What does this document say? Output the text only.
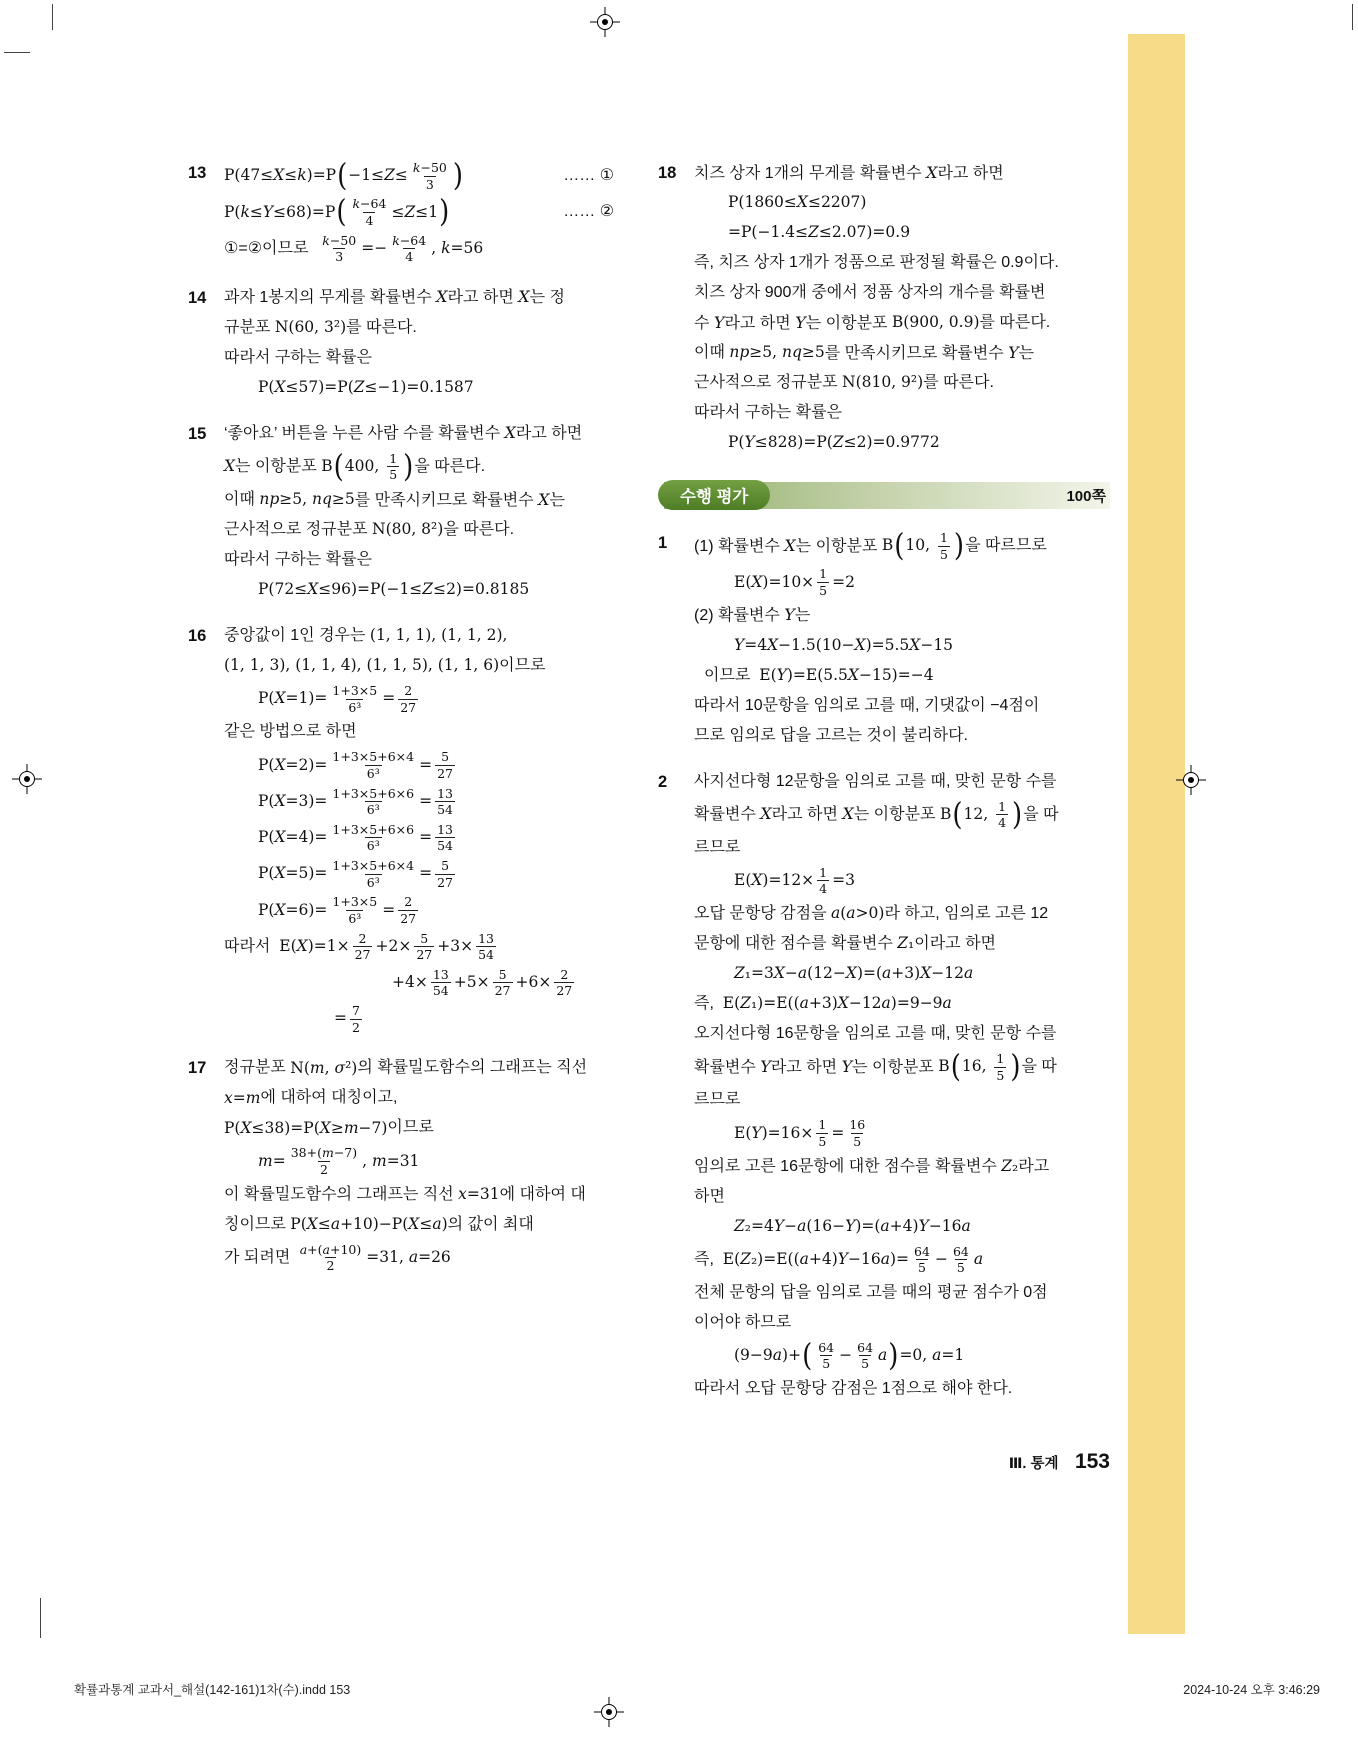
13	P(47≤X≤k)=P ( $-1\le Z\le \frac{k-50}{3}$ )	…… ①
P(k≤Y≤68)=P ( $\frac{k-64}{4} \le Z\le 1$ )	…… ②
①=②이므로 $\frac{k-50}{3} =- \frac{k-64}{4}$ , k=56
14	과자 1봉지의 무게를 확률변수 X라고 하면 X는 정
규분포 N(60, 3²) 를 따른다.
따라서 구하는 확률은
P(X≤57)=P(Z≤−1)=0.1587
15	‘좋아요’ 버튼을 누른 사람 수를 확률변수 X라고 하면
X 는 이항분포 B ( 400, $\frac{1}{5}$ ) 을 따른다.
이때 np≥5, nq≥5 를 만족시키므로 확률변수 X는
근사적으로 정규분포 N(80, 8²) 을 따른다.
따라서 구하는 확률은
P(72≤X≤96)=P(−1≤Z≤2)=0.8185
16	중앙값이 1인 경우는 (1, 1, 1), (1, 1, 2),
(1, 1, 3), (1, 1, 4), (1, 1, 5), (1, 1, 6) 이므로
$P(X=1)= \frac{1+3\times 5}{\text{6³}} = \frac{2}{27}$
같은 방법으로 하면
$P(X=2)= \frac{1+3\times 5+6\times 4}{\text{6³}} = \frac{5}{27}$
$P(X=3)= \frac{1+3\times 5+6\times 6}{\text{6³}} = \frac{13}{54}$
$P(X=4)= \frac{1+3\times 5+6\times 6}{\text{6³}} = \frac{13}{54}$
$P(X=5)= \frac{1+3\times 5+6\times 4}{\text{6³}} = \frac{5}{27}$
$P(X=6)= \frac{1+3\times 5}{\text{6³}} = \frac{2}{27}$
따라서 $E(X)=1\times \frac{2}{27} +2\times \frac{5}{27} +3\times \frac{13}{54}$
$+4\times \frac{13}{54} +5\times \frac{5}{27} +6\times \frac{2}{27}$
= $\frac{7}{2}$
17	정규분포 N(m, σ²) 의 확률밀도함수의 그래프는 직선
x=m 에 대하여 대칭이고,
P(X≤38)=P(X≥m−7) 이므로
$m= \frac{38+(m-7)}{2}$ , m=31
이 확률밀도함수의 그래프는 직선 x=31 에 대하여 대
칭이므로 P(X≤a+10)−P(X≤a) 의 값이 최대
가 되려면 $\frac{a+(a+10)}{2} =31$, a=26
18	치즈 상자 1개의 무게를 확률변수 X라고 하면
P(1860≤X≤2207)
=P(−1.4≤Z≤2.07)=0.9
즉, 치즈 상자 1개가 정품으로 판정될 확률은 0.9이다.
치즈 상자 900개 중에서 정품 상자의 개수를 확률변
수 Y라고 하면 Y는 이항분포 B(900, 0.9) 를 따른다.
이때 np≥5, nq≥5 를 만족시키므로 확률변수 Y는
근사적으로 정규분포 N(810, 9²) 를 따른다.
따라서 구하는 확률은
P(Y≤828)=P(Z≤2)=0.9772
수행 평가	100쪽
1	(1) 확률변수 X는 이항분포 B ( 10, $\frac{1}{5}$ ) 을 따르므로
$E(X)=10\times \frac{1}{5} =2$
(2) 확률변수 Y는
Y=4X−1.5(10−X)=5.5X−15
이므로 E(Y)=E(5.5X−15)=−4
따라서 10문항을 임의로 고를 때, 기댓값이 −4점이
므로 임의로 답을 고르는 것이 불리하다.
2	사지선다형 12문항을 임의로 고를 때, 맞힌 문항 수를
확률변수 X라고 하면 X는 이항분포 B ( 12, $\frac{1}{4}$ ) 을 따
르므로
$E(X)=12\times \frac{1}{4} =3$
오답 문항당 감점을 a(a>0) 라 하고, 임의로 고른 12
문항에 대한 점수를 확률변수 Z₁ 이라고 하면
Z₁=3X−a(12−X)=(a+3)X−12a
즉, E(Z₁)=E((a+3)X−12a)=9−9a
오지선다형 16문항을 임의로 고를 때, 맞힌 문항 수를
확률변수 Y라고 하면 Y는 이항분포 B ( 16, $\frac{1}{5}$ ) 을 따
르므로
$E(Y)=16\times \frac{1}{5} = \frac{16}{5}$
임의로 고른 16문항에 대한 점수를 확률변수 Z₂ 라고
하면
Z₂=4Y−a(16−Y)=(a+4)Y−16a
즉, $E(Z_2)=E((a+4)Y-16a)= \frac{64}{5} - \frac{64}{5}$ a
전체 문항의 답을 임의로 고를 때의 평균 점수가 0점
이어야 하므로
(9−9a)+ ( $\frac{64}{5} - \frac{64}{5}$ a ) =0, a=1
따라서 오답 문항당 감점은 1점으로 해야 한다.
Ⅲ. 통계 153
확률과통계 교과서_해설(142-161)1차(수).indd 153	2024-10-24 오후 3:46:29
